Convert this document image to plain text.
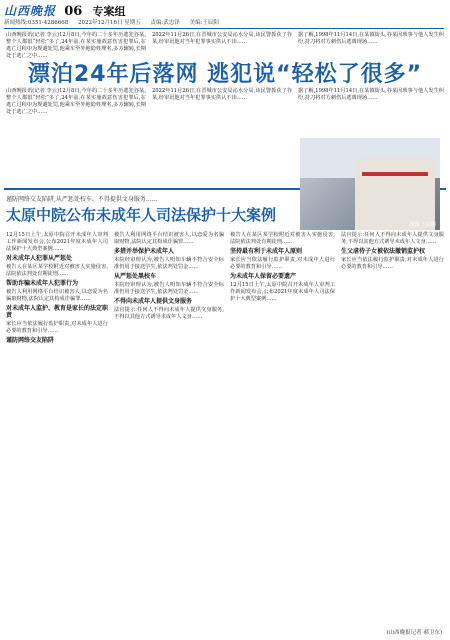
山西晚报 06 专案组
新闻热线:0351-4286668 2022年12月16日 星期五 责编:武忠泽 美编:王辰阳
山西晚报讯(记者 李云)12月8日,今年的二十多年历逃犯谷某,整个人都很“轻松”多了,24年前,在某实施故意伤害犯罪后,在逃亡过程中为规避处罚,他乘车至外地隐姓埋名,多方辗转,长期处于逃亡之中……
2022年11月26日,在晋城市公安局沁水分局,该民警抓获了谷某,经审讯他对当年犯罪事实供认不讳……
据了解,1998年11月14日,在某镇街头,谷某因琐事与他人发生纠纷,持刀将对方刺伤后逃离现场……
漂泊24年后落网 逃犯说“轻松了很多”
山西晚报讯(记者 李云)12月8日,今年的二十多年历逃犯谷某,整个人都很“轻松”多了,24年前,在某实施故意伤害犯罪后,在逃亡过程中为规避处罚,他乘车至外地隐姓埋名,多方辗转,长期处于逃亡之中……
2022年11月26日,在晋城市公安局沁水分局,该民警抓获了谷某,经审讯他对当年犯罪事实供认不讳……
据了解,1998年11月14日,在某镇街头,谷某因琐事与他人发生纠纷,持刀将对方刺伤后逃离现场……
制图 王辰阳
谨防网络交友陷阱,从严惩处校车、不得提供文身服务……
太原中院公布未成年人司法保护十大案例
12月15日上午,太原中院召开未成年人审判工作新闻发布会,公布2021年度未成年人司法保护十大典型案例……
对未成年人犯罪从严惩处
被告人在某区某学校附近对被害人实施侵害,法院依法判处有期徒刑……
帮助诈骗未成年人犯罪行为
被告人利用网络平台结识被害人,以恋爱为名骗取财物,法院认定其构成诈骗罪……
对未成年人监护、教育是家长的法定职责
家长应当依法履行监护职责,对未成年人进行必要的教育和引导……
谨防网络交友陷阱
被告人利用网络平台结识被害人,以恋爱为名骗取财物,法院认定其构成诈骗罪……
多措并举保护未成年人
本院经审理认为,被告人明知车辆不符合安全标准仍用于接送学生,依法判处罚金……
从严惩处黑校车
本院经审理认为,被告人明知车辆不符合安全标准仍用于接送学生,依法判处罚金……
不得向未成年人提供文身服务
法官提示:任何人不得向未成年人提供文身服务,不得以其他方式诱导未成年人文身……
被告人在某区某学校附近对被害人实施侵害,法院依法判处有期徒刑……
坚持最有利于未成年人原则
家长应当依法履行监护职责,对未成年人进行必要的教育和引导……
为未成年人保留必要遗产
12月15日上午,太原中院召开未成年人审判工作新闻发布会,公布2021年度未成年人司法保护十大典型案例……
法官提示:任何人不得向未成年人提供文身服务,不得以其他方式诱导未成年人文身……
生父虐待子女被依法撤销监护权
家长应当依法履行监护职责,对未成年人进行必要的教育和引导……
(山西晚报记者 郝卫东)
